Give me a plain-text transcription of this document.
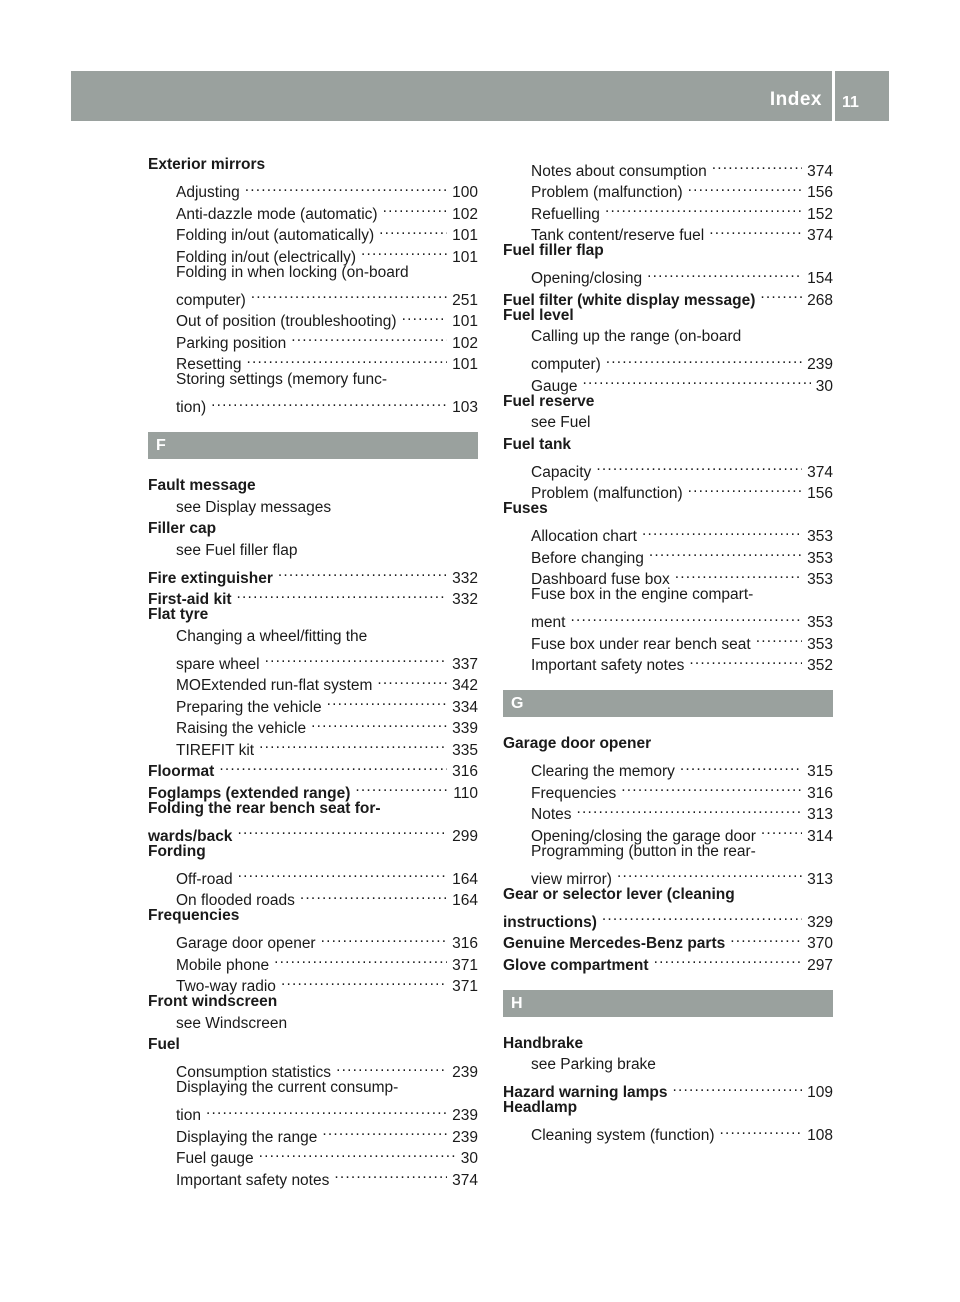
Index 11
Exterior mirrors
Adjusting .....	100
Anti-dazzle mode (automatic) .....	102
Folding in/out (automatically) .....	101
Folding in/out (electrically) .....	101
Folding in when locking (on-board
computer) .....	251
Out of position (troubleshooting) .....	101
Parking position .....	102
Resetting .....	101
Storing settings (memory func-
tion) .....	103
F
Fault message
see Display messages
Filler cap
see Fuel filler flap
Fire extinguisher .....	332
First-aid kit .....	332
Flat tyre
Changing a wheel/fitting the
spare wheel .....	337
MOExtended run-flat system .....	342
Preparing the vehicle .....	334
Raising the vehicle .....	339
TIREFIT kit .....	335
Floormat .....	316
Foglamps (extended range) .....	110
Folding the rear bench seat for-
wards/back .....	299
Fording
Off-road .....	164
On flooded roads .....	164
Frequencies
Garage door opener .....	316
Mobile phone .....	371
Two-way radio .....	371
Front windscreen
see Windscreen
Fuel
Consumption statistics .....	239
Displaying the current consump-
tion .....	239
Displaying the range .....	239
Fuel gauge .....	30
Important safety notes .....	374
Notes about consumption .....	374
Problem (malfunction) .....	156
Refuelling .....	152
Tank content/reserve fuel .....	374
Fuel filler flap
Opening/closing .....	154
Fuel filter (white display message) .....	268
Fuel level
Calling up the range (on-board
computer) .....	239
Gauge .....	30
Fuel reserve
see Fuel
Fuel tank
Capacity .....	374
Problem (malfunction) .....	156
Fuses
Allocation chart .....	353
Before changing .....	353
Dashboard fuse box .....	353
Fuse box in the engine compart-
ment .....	353
Fuse box under rear bench seat .....	353
Important safety notes .....	352
G
Garage door opener
Clearing the memory .....	315
Frequencies .....	316
Notes .....	313
Opening/closing the garage door .....	314
Programming (button in the rear-
view mirror) .....	313
Gear or selector lever (cleaning
instructions) .....	329
Genuine Mercedes-Benz parts .....	370
Glove compartment .....	297
H
Handbrake
see Parking brake
Hazard warning lamps .....	109
Headlamp
Cleaning system (function) .....	108
